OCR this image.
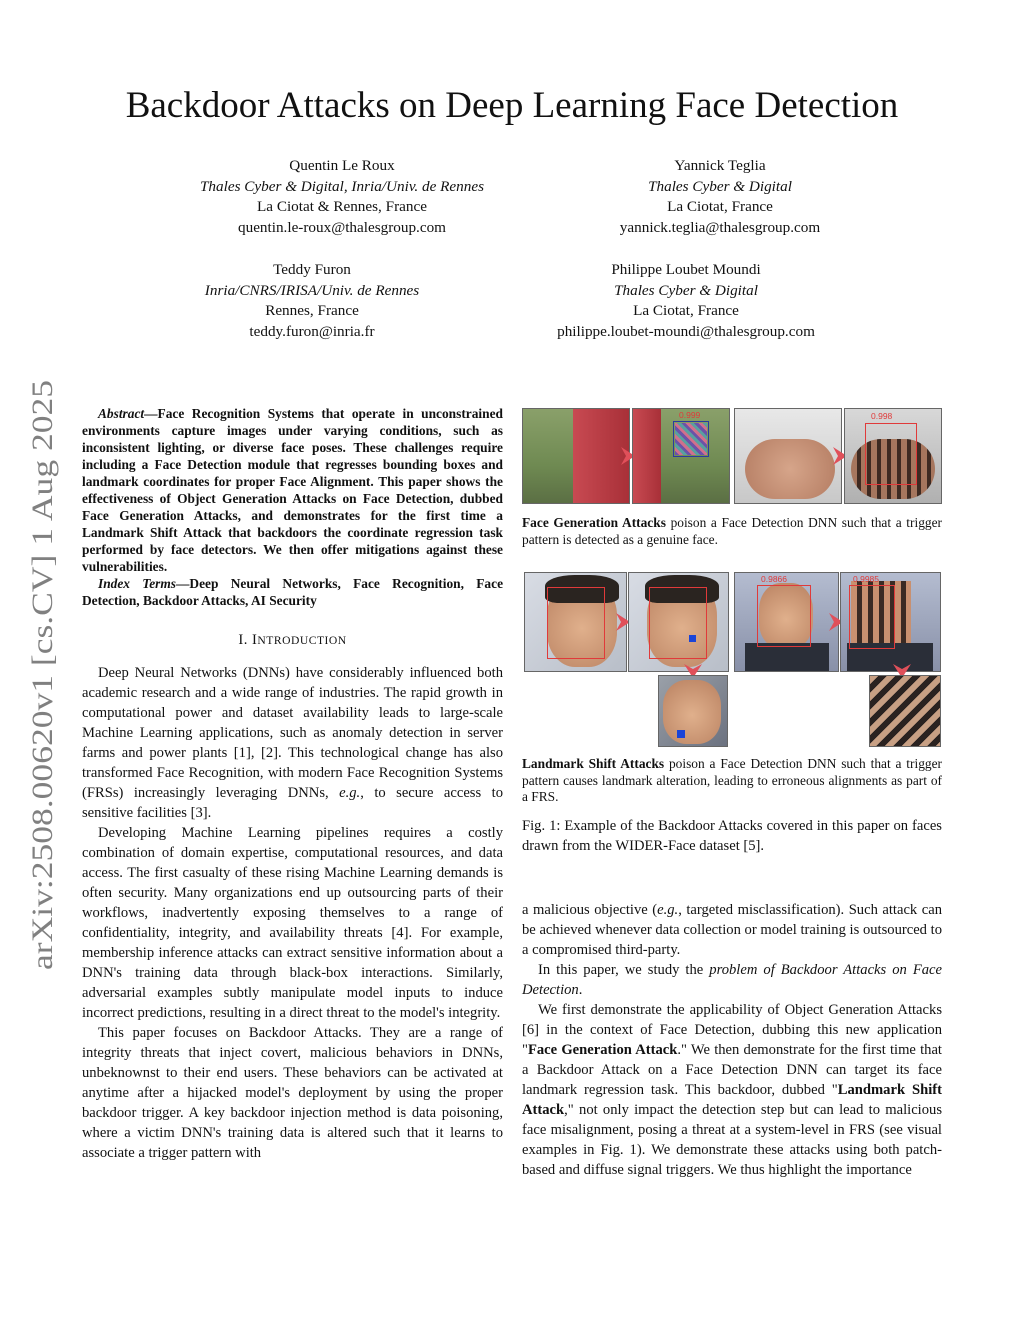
arXiv:2508.00620v1 [cs.CV] 1 Aug 2025
Backdoor Attacks on Deep Learning Face Detection
Quentin Le Roux
Thales Cyber & Digital, Inria/Univ. de Rennes
La Ciotat & Rennes, France
quentin.le-roux@thalesgroup.com
Yannick Teglia
Thales Cyber & Digital
La Ciotat, France
yannick.teglia@thalesgroup.com
Teddy Furon
Inria/CNRS/IRISA/Univ. de Rennes
Rennes, France
teddy.furon@inria.fr
Philippe Loubet Moundi
Thales Cyber & Digital
La Ciotat, France
philippe.loubet-moundi@thalesgroup.com

Abstract—Face Recognition Systems that operate in unconstrained environments capture images under varying conditions, such as inconsistent lighting, or diverse face poses. These challenges require including a Face Detection module that regresses bounding boxes and landmark coordinates for proper Face Alignment. This paper shows the effectiveness of Object Generation Attacks on Face Detection, dubbed Face Generation Attacks, and demonstrates for the first time a Landmark Shift Attack that backdoors the coordinate regression task performed by face detectors. We then offer mitigations against these vulnerabilities.

Index Terms—Deep Neural Networks, Face Recognition, Face Detection, Backdoor Attacks, AI Security

I. INTRODUCTION

Deep Neural Networks (DNNs) have considerably influenced both academic research and a wide range of industries. The rapid growth in computational power and dataset availability leads to large-scale Machine Learning applications, such as anomaly detection in server farms and power plants [1], [2]. This technological change has also transformed Face Recognition, with modern Face Recognition Systems (FRSs) increasingly leveraging DNNs, e.g., to secure access to sensitive facilities [3].

Developing Machine Learning pipelines requires a costly combination of domain expertise, computational resources, and data access. The first casualty of these rising Machine Learning demands is often security. Many organizations end up outsourcing parts of their workflows, inadvertently exposing themselves to a range of confidentiality, integrity, and availability threats [4]. For example, membership inference attacks can extract sensitive information about a DNN's training data through black-box interactions. Similarly, adversarial examples subtly manipulate model inputs to induce incorrect predictions, resulting in a direct threat to the model's integrity.

This paper focuses on Backdoor Attacks. They are a range of integrity threats that inject covert, malicious behaviors in DNNs, unbeknownst to their end users. These behaviors can be activated at anytime after a hijacked model's deployment by using the proper backdoor trigger. A key backdoor injection method is data poisoning, where a victim DNN's training data is altered such that it learns to associate a trigger pattern with

0.999	0.998
Face Generation Attacks poison a Face Detection DNN such that a trigger pattern is detected as a genuine face.
0.9866	0.9985
Landmark Shift Attacks poison a Face Detection DNN such that a trigger pattern causes landmark alteration, leading to erroneous alignments as part of a FRS.
Fig. 1: Example of the Backdoor Attacks covered in this paper on faces drawn from the WIDER-Face dataset [5].

a malicious objective (e.g., targeted misclassification). Such attack can be achieved whenever data collection or model training is outsourced to a compromised third-party.

In this paper, we study the problem of Backdoor Attacks on Face Detection.

We first demonstrate the applicability of Object Generation Attacks [6] in the context of Face Detection, dubbing this new application "Face Generation Attack." We then demonstrate for the first time that a Backdoor Attack on a Face Detection DNN can target its face landmark regression task. This backdoor, dubbed "Landmark Shift Attack," not only impact the detection step but can lead to malicious face misalignment, posing a threat at a system-level in FRS (see visual examples in Fig. 1). We demonstrate these attacks using both patch-based and diffuse signal triggers. We thus highlight the importance
